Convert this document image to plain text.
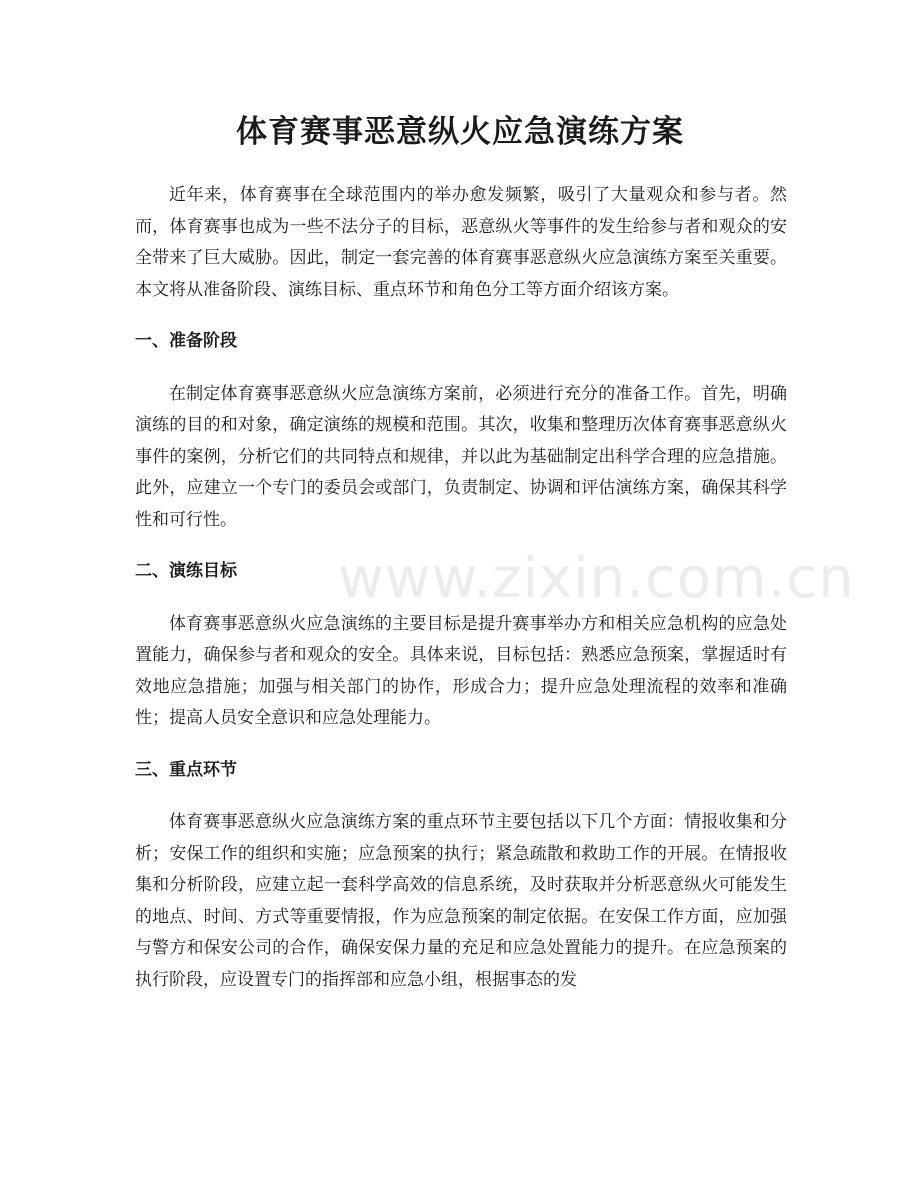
体育赛事恶意纵火应急演练方案

近年来，体育赛事在全球范围内的举办愈发频繁，吸引了大量观众和参与者。然而，体育赛事也成为一些不法分子的目标，恶意纵火等事件的发生给参与者和观众的安全带来了巨大威胁。因此，制定一套完善的体育赛事恶意纵火应急演练方案至关重要。本文将从准备阶段、演练目标、重点环节和角色分工等方面介绍该方案。

一、准备阶段

在制定体育赛事恶意纵火应急演练方案前，必须进行充分的准备工作。首先，明确演练的目的和对象，确定演练的规模和范围。其次，收集和整理历次体育赛事恶意纵火事件的案例，分析它们的共同特点和规律，并以此为基础制定出科学合理的应急措施。此外，应建立一个专门的委员会或部门，负责制定、协调和评估演练方案，确保其科学性和可行性。

二、演练目标

体育赛事恶意纵火应急演练的主要目标是提升赛事举办方和相关应急机构的应急处置能力，确保参与者和观众的安全。具体来说，目标包括：熟悉应急预案，掌握适时有效地应急措施；加强与相关部门的协作，形成合力；提升应急处理流程的效率和准确性；提高人员安全意识和应急处理能力。

三、重点环节

体育赛事恶意纵火应急演练方案的重点环节主要包括以下几个方面：情报收集和分析；安保工作的组织和实施；应急预案的执行；紧急疏散和救助工作的开展。在情报收集和分析阶段，应建立起一套科学高效的信息系统，及时获取并分析恶意纵火可能发生的地点、时间、方式等重要情报，作为应急预案的制定依据。在安保工作方面，应加强与警方和保安公司的合作，确保安保力量的充足和应急处置能力的提升。在应急预案的执行阶段，应设置专门的指挥部和应急小组，根据事态的发

www.zixin.com.cn
